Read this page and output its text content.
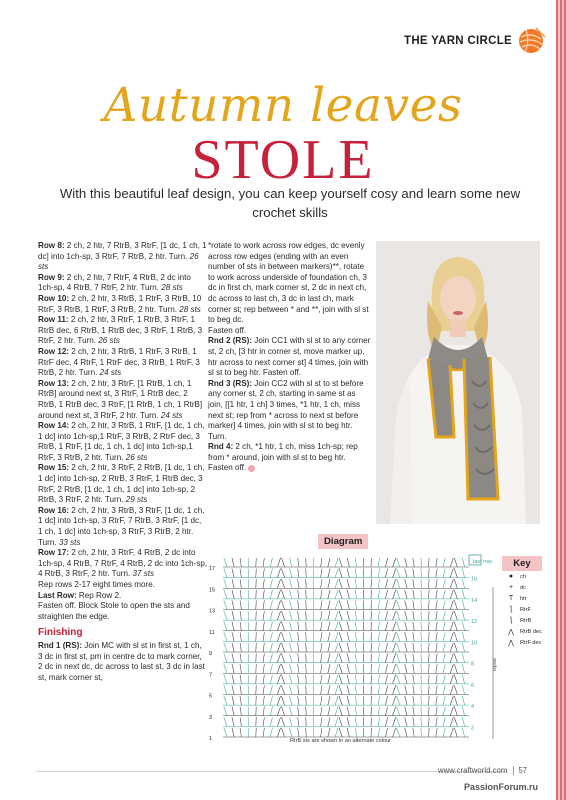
THE YARN CIRCLE
Autumn leaves
STOLE
With this beautiful leaf design, you can keep yourself cosy and learn some new crochet skills
Row 8: 2 ch, 2 htr, 7 RtrB, 3 RtrF, [1 dc, 1 ch, 1 dc] into 1ch-sp, 3 RtrF, 7 RtrB, 2 htr. Turn. 26 sts
Row 9: 2 ch, 2 htr, 7 RtrF, 4 RtrB, 2 dc into 1ch-sp, 4 RtrB, 7 RtrF, 2 htr. Turn. 28 sts
Row 10: 2 ch, 2 htr, 3 RtrB, 1 RtrF, 3 RtrB, 10 RtrF, 3 RtrB, 1 RtrF, 3 RtrB, 2 htr. Turn. 28 sts
Row 11: 2 ch, 2 htr, 3 RtrF, 1 RtrB, 3 RtrF, 1 RtrB dec, 6 RtrB, 1 RtrB dec, 3 RtrF, 1 RtrB, 3 RtrF, 2 htr. Turn. 26 sts
Row 12: 2 ch, 2 htr, 3 RtrB, 1 RtrF, 3 RtrB, 1 RtrF dec, 4 RtrF, 1 RtrF dec, 3 RtrB, 1 RtrF, 3 RtrB, 2 htr. Turn. 24 sts
Row 13: 2 ch, 2 htr, 3 RtrF, [1 RtrB, 1 ch, 1 RtrB] around next st, 3 RtrF, 1 RtrB dec, 2 RtrB, 1 RtrB dec, 3 RtrF, [1 RtrB, 1 ch, 1 RtrB] around next st, 3 RtrF, 2 htr. Turn. 24 sts
Row 14: 2 ch, 2 htr, 3 RtrB, 1 RtrF, [1 dc, 1 ch, 1 dc] into 1ch-sp,1 RtrF, 3 RtrB, 2 RtrF dec, 3 RtrB, 1 RtrF, [1 dc, 1 ch, 1 dc] into 1ch-sp,1 RtrF, 3 RtrB, 2 htr. Turn. 26 sts
Row 15: 2 ch, 2 htr, 3 RtrF, 2 RtrB, [1 dc, 1 ch, 1 dc] into 1ch-sp, 2 RtrB, 3 RtrF, 1 RtrB dec, 3 RtrF, 2 RtrB, [1 dc, 1 ch, 1 dc] into 1ch-sp, 2 RtrB, 3 RtrF, 2 htr. Turn. 29 sts
Row 16: 2 ch, 2 htr, 3 RtrB, 3 RtrF, [1 dc, 1 ch, 1 dc] into 1ch-sp, 3 RtrF, 7 RtrB, 3 RtrF, [1 dc, 1 ch, 1 dc] into 1ch-sp, 3 RtrF, 3 RtrB, 2 htr. Turn. 33 sts
Row 17: 2 ch, 2 htr, 3 RtrF, 4 RtrB, 2 dc into 1ch-sp, 4 RtrB, 7 RtrF, 4 RtrB, 2 dc into 1ch-sp, 4 RtrB, 3 RtrF, 2 htr. Turn. 37 sts
Rep rows 2-17 eight times more.
Last Row: Rep Row 2.
Fasten off. Block Stole to open the sts and straighten the edge.
Finishing
Rnd 1 (RS): Join MC with sl st in first st, 1 ch, 3 dc in first st, pm in centre dc to mark corner, 2 dc in next dc, dc across to last st, 3 dc in last st, mark corner st,
*rotate to work across row edges, dc evenly across row edges (ending with an even number of sts in between markers)**, rotate to work across underside of foundation ch, 3 dc in first ch, mark corner st, 2 dc in next ch, dc across to last ch, 3 dc in last ch, mark corner st; rep between * and **, join with sl st to beg dc.
Fasten off.
Rnd 2 (RS): Join CC1 with sl st to any corner st, 2 ch, [3 htr in corner st, move marker up, htr across to next corner st] 4 times, join with sl st to beg htr. Fasten off.
Rnd 3 (RS): Join CC2 with sl st to st before any corner st, 2 ch, starting in same st as join, [[1 htr, 1 ch] 3 times, *1 htr, 1 ch, miss next st; rep from * across to next st before marker] 4 times, join with sl st to beg htr. Turn.
Rnd 4: 2 ch, *1 htr, 1 ch, miss 1ch-sp; rep from * around, join with sl st to beg htr. Fasten off.
Diagram
17
15
13
11
9
7
5
3
1
16
14
12
10
8
6
4
2
last row
repeat
RtrB sts are shown in an alternate colour
Key
●	ch
+	dc
T	htr
ƪ	RtrF
ƪ	RtrB
⋀	RtrB dec
⋀	RtrF dec
www.craftworld.com 57
PassionForum.ru
